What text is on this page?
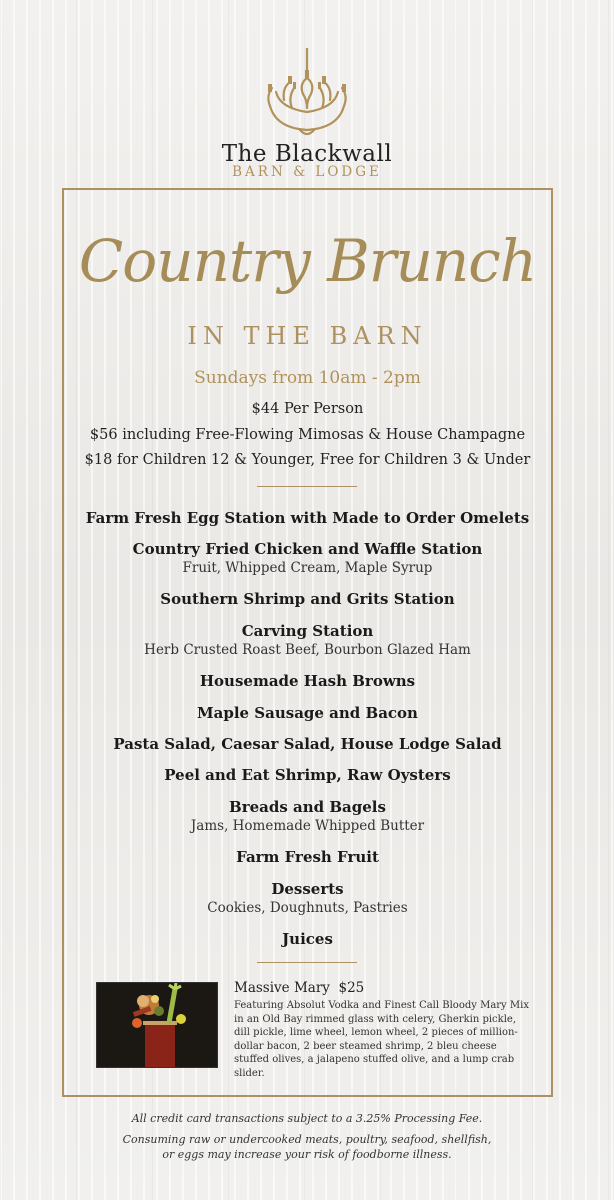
The Blackwall
BARN & LODGE
Country Brunch
IN THE BARN
Sundays from 10am - 2pm
$44 Per Person
$56 including Free-Flowing Mimosas & House Champagne
$18 for Children 12 & Younger, Free for Children 3 & Under
Farm Fresh Egg Station with Made to Order Omelets
Country Fried Chicken and Waffle Station
Fruit, Whipped Cream, Maple Syrup
Southern Shrimp and Grits Station
Carving Station
Herb Crusted Roast Beef, Bourbon Glazed Ham
Housemade Hash Browns
Maple Sausage and Bacon
Pasta Salad, Caesar Salad, House Lodge Salad
Peel and Eat Shrimp, Raw Oysters
Breads and Bagels
Jams, Homemade Whipped Butter
Farm Fresh Fruit
Desserts
Cookies, Doughnuts, Pastries
Juices
Massive Mary $25
Featuring Absolut Vodka and Finest Call Bloody Mary Mix in an Old Bay rimmed glass with celery, Gherkin pickle, dill pickle, lime wheel, lemon wheel, 2 pieces of million-dollar bacon, 2 beer steamed shrimp, 2 bleu cheese stuffed olives, a jalapeno stuffed olive, and a lump crab slider.
All credit card transactions subject to a 3.25% Processing Fee.
Consuming raw or undercooked meats, poultry, seafood, shellfish,
or eggs may increase your risk of foodborne illness.
